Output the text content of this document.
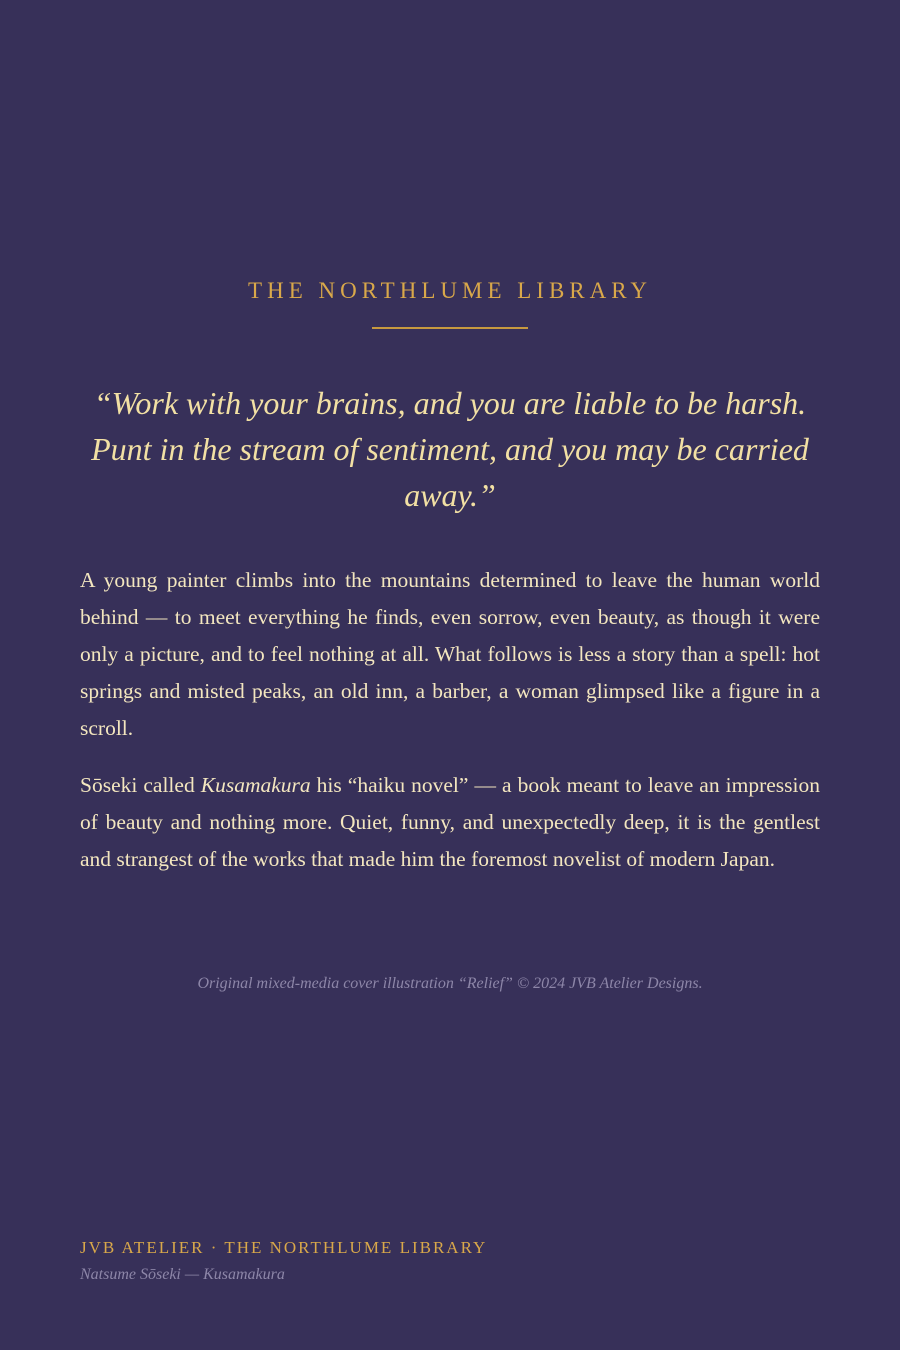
THE NORTHLUME LIBRARY
“Work with your brains, and you are liable to be harsh. Punt in the stream of sentiment, and you may be carried away.”

A young painter climbs into the mountains determined to leave the human world behind — to meet everything he finds, even sorrow, even beauty, as though it were only a picture, and to feel nothing at all. What follows is less a story than a spell: hot springs and misted peaks, an old inn, a barber, a woman glimpsed like a figure in a scroll.

Sōseki called Kusamakura his “haiku novel” — a book meant to leave an impression of beauty and nothing more. Quiet, funny, and unexpectedly deep, it is the gentlest and strangest of the works that made him the foremost novelist of modern Japan.

Original mixed-media cover illustration “Relief” © 2024 JVB Atelier Designs.
JVB ATELIER · THE NORTHLUME LIBRARY
Natsume Sōseki — Kusamakura
